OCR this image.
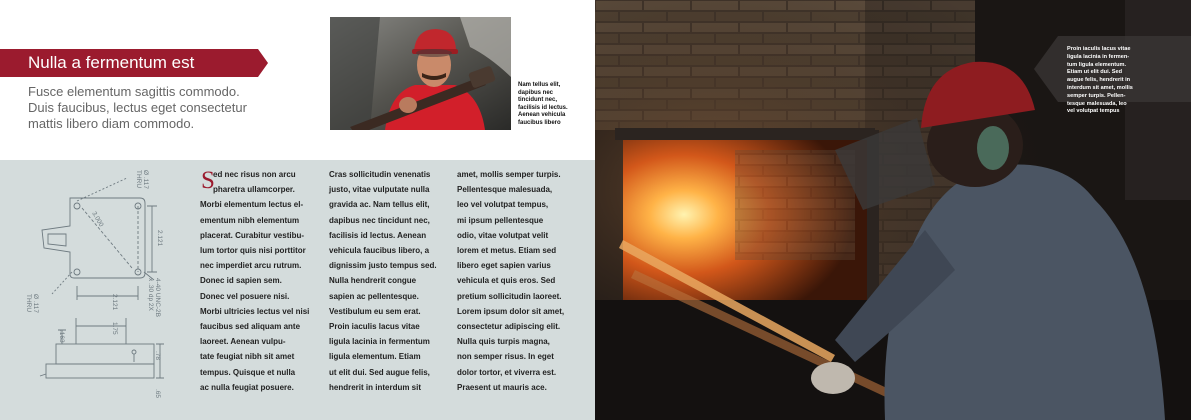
Nulla a fermentum est
Fusce elementum sagittis commodo.
Duis faucibus, lectus eget consectetur
mattis libero diam commodo.
Nam tellus elit,
dapibus nec
tincidunt nec,
facilisis id lectus.
Aenean vehicula
faucibus libero
Ø .117
THRU
2.121
3.000
Ø .117
THRU	4-40 UNC-2B
x .30 dp 2X
2.121
1.75
.163
.78
.65
S
ed nec risus non arcu
pharetra ullamcorper.
Morbi elementum lectus el-
ementum nibh elementum
placerat. Curabitur vestibu-
lum tortor quis nisi porttitor
nec imperdiet arcu rutrum.
Donec id sapien sem.
Donec vel posuere nisi.
Morbi ultricies lectus vel nisi
faucibus sed aliquam ante
laoreet. Aenean vulpu-
tate feugiat nibh sit amet
tempus. Quisque et nulla
ac nulla feugiat posuere.
Cras sollicitudin venenatis
justo, vitae vulputate nulla
gravida ac. Nam tellus elit,
dapibus nec tincidunt nec,
facilisis id lectus. Aenean
vehicula faucibus libero, a
dignissim justo tempus sed.
Nulla hendrerit congue
sapien ac pellentesque.
Vestibulum eu sem erat.
Proin iaculis lacus vitae
ligula lacinia in fermentum
ligula elementum. Etiam
ut elit dui. Sed augue felis,
hendrerit in interdum sit
amet, mollis semper turpis.
Pellentesque malesuada,
leo vel volutpat tempus,
mi ipsum pellentesque
odio, vitae volutpat velit
lorem et metus. Etiam sed
libero eget sapien varius
vehicula et quis eros. Sed
pretium sollicitudin laoreet.
Lorem ipsum dolor sit amet,
consectetur adipiscing elit.
Nulla quis turpis magna,
non semper risus. In eget
dolor tortor, et viverra est.
Praesent ut mauris ace.
Proin iaculis lacus vitae
ligula lacinia in fermen-
tum ligula elementum.
Etiam ut elit dui. Sed
augue felis, hendrerit in
interdum sit amet, mollis
semper turpis. Pellen-
tesque malesuada, leo
vel volutpat tempus
